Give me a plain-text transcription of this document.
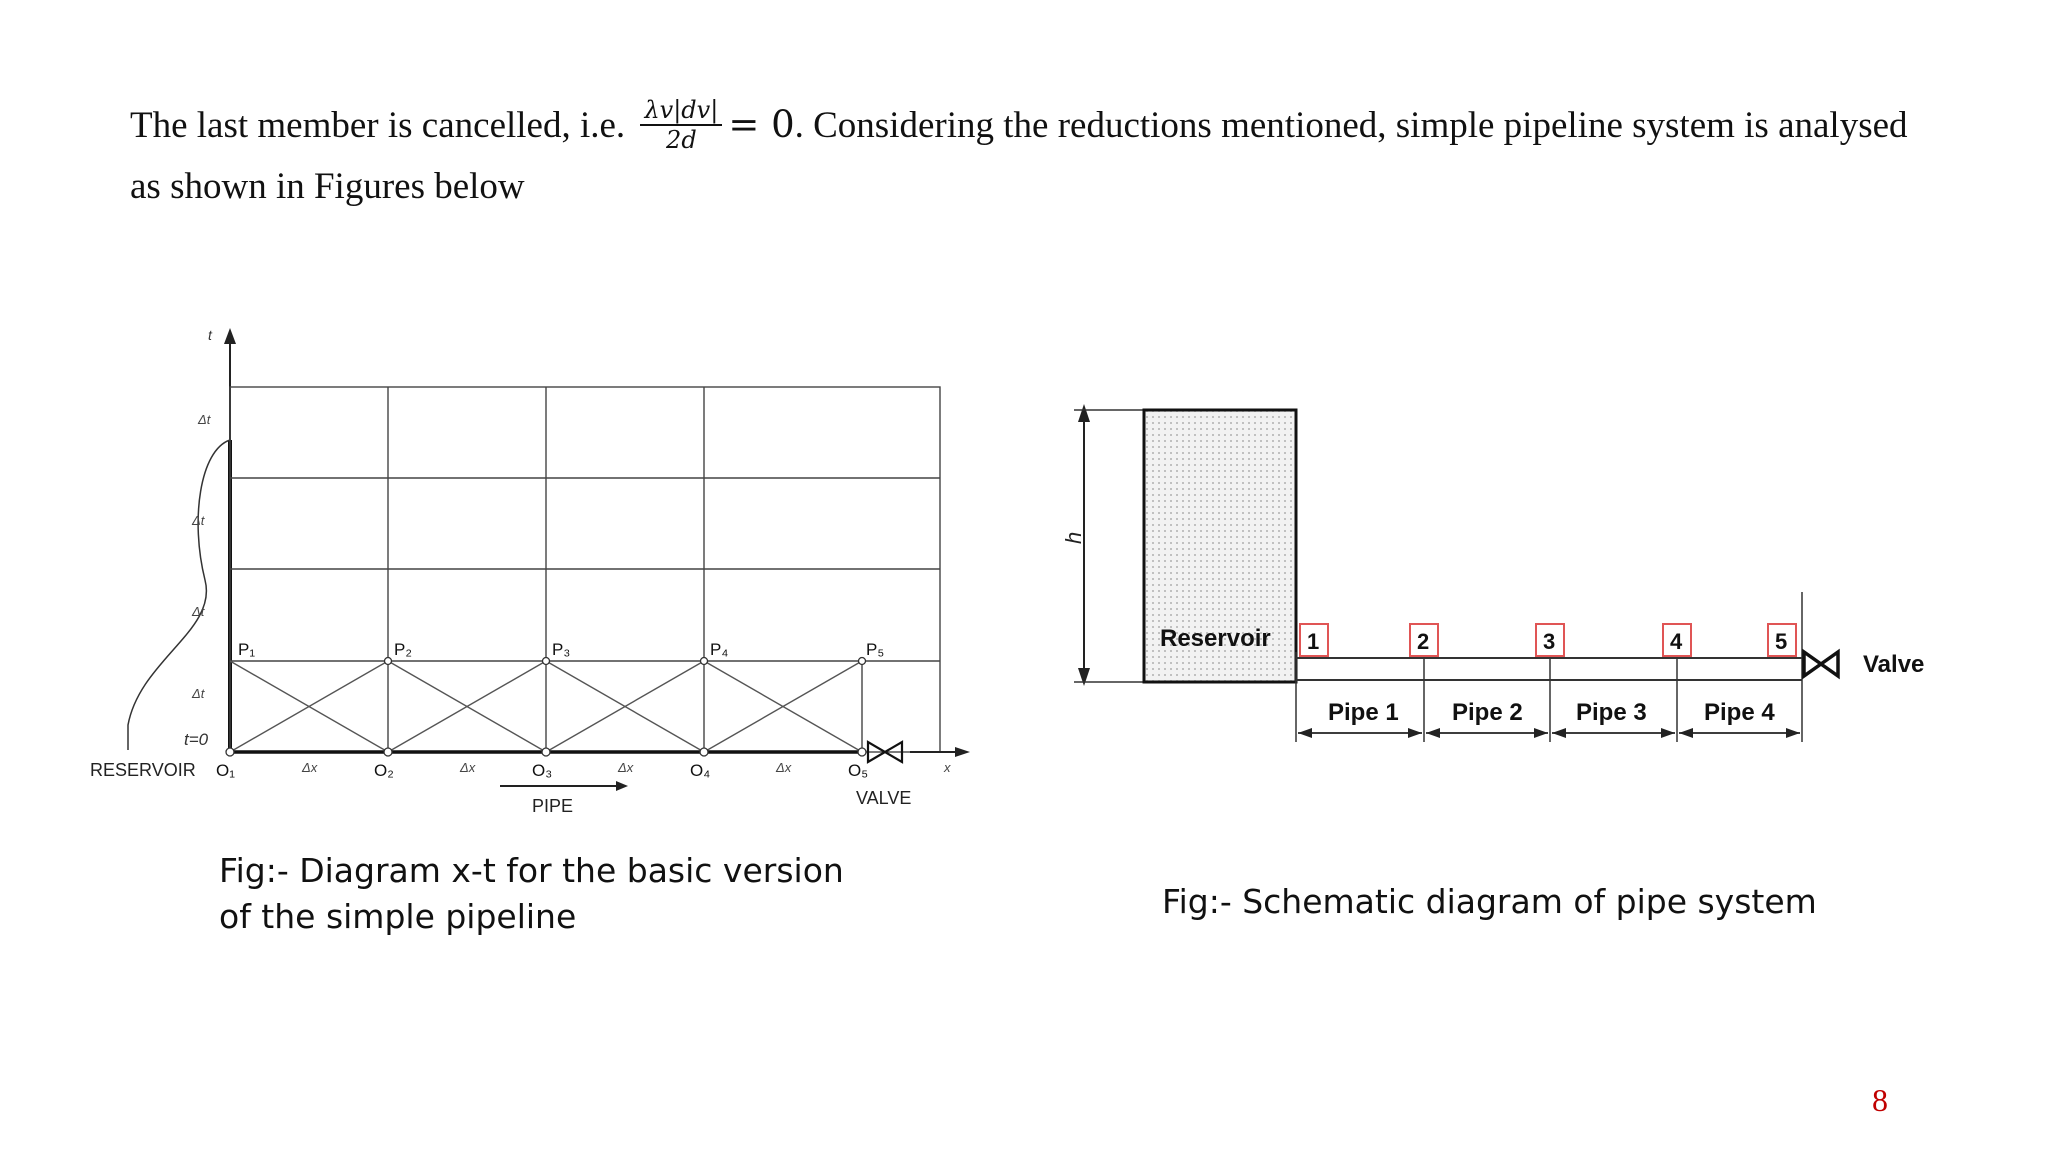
The last member is cancelled, i.e. $\frac{\lambda v|dv|}{2d} = 0$. Considering the reductions mentioned, simple pipeline system is analysed as shown in Figures below
t
Δt
Δt
Δt
Δt
t=0
P₁	P₂	P₃	P₄	P₅
RESERVOIR O₁	O₂	O₃	O₄	O₅
Δx	Δx	Δx	Δx	x
PIPE	VALVE
Fig:- Diagram x-t for the basic version
of the simple pipeline
h
Reservoir 1	2	3	4	5
Valve
Pipe 1 Pipe 2 Pipe 3 Pipe 4
Fig:- Schematic diagram of pipe system
8
